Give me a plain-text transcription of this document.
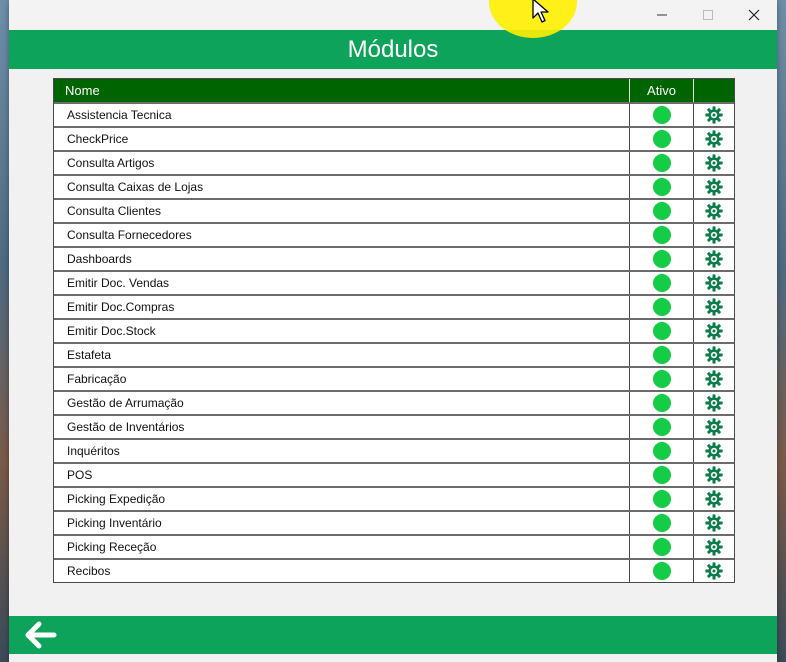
Módulos
Nome	Ativo
Assistencia Tecnica
CheckPrice
Consulta Artigos
Consulta Caixas de Lojas
Consulta Clientes
Consulta Fornecedores
Dashboards
Emitir Doc. Vendas
Emitir Doc.Compras
Emitir Doc.Stock
Estafeta
Fabricação
Gestão de Arrumação
Gestão de Inventários
Inquéritos
POS
Picking Expedição
Picking Inventário
Picking Receção
Recibos
